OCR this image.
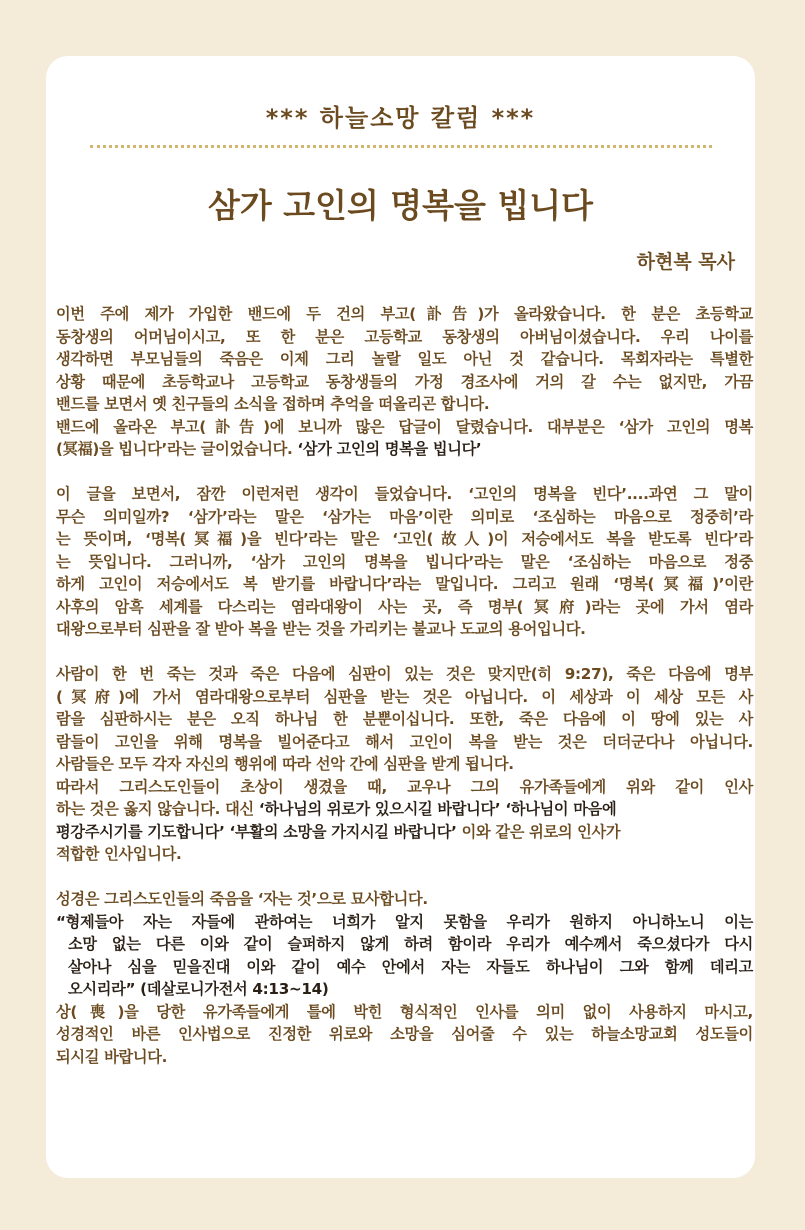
*** 하늘소망 칼럼 ***
삼가 고인의 명복을 빕니다
하현복 목사
이번 주에 제가 가입한 밴드에 두 건의 부고(訃告)가 올라왔습니다. 한 분은 초등학교
동창생의 어머님이시고, 또 한 분은 고등학교 동창생의 아버님이셨습니다. 우리 나이를
생각하면 부모님들의 죽음은 이제 그리 놀랄 일도 아닌 것 같습니다. 목회자라는 특별한
상황 때문에 초등학교나 고등학교 동창생들의 가정 경조사에 거의 갈 수는 없지만, 가끔
밴드를 보면서 옛 친구들의 소식을 접하며 추억을 떠올리곤 합니다.
밴드에 올라온 부고(訃告)에 보니까 많은 답글이 달렸습니다. 대부분은 ‘삼가 고인의 명복
(冥福)을 빕니다’라는 글이었습니다. ‘삼가 고인의 명복을 빕니다’
이 글을 보면서, 잠깐 이런저런 생각이 들었습니다. ‘고인의 명복을 빈다’....과연 그 말이
무슨 의미일까? ‘삼가’라는 말은 ‘삼가는 마음’이란 의미로 ‘조심하는 마음으로 정중히’라
는 뜻이며, ‘명복(冥福)을 빈다’라는 말은 ‘고인(故人)이 저승에서도 복을 받도록 빈다’라
는 뜻입니다. 그러니까, ‘삼가 고인의 명복을 빕니다’라는 말은 ‘조심하는 마음으로 정중
하게 고인이 저승에서도 복 받기를 바랍니다’라는 말입니다. 그리고 원래 ‘명복(冥福)’이란
사후의 암흑 세계를 다스리는 염라대왕이 사는 곳, 즉 명부(冥府)라는 곳에 가서 염라
대왕으로부터 심판을 잘 받아 복을 받는 것을 가리키는 불교나 도교의 용어입니다.
사람이 한 번 죽는 것과 죽은 다음에 심판이 있는 것은 맞지만(히 9:27), 죽은 다음에 명부
(冥府)에 가서 염라대왕으로부터 심판을 받는 것은 아닙니다. 이 세상과 이 세상 모든 사
람을 심판하시는 분은 오직 하나님 한 분뿐이십니다. 또한, 죽은 다음에 이 땅에 있는 사
람들이 고인을 위해 명복을 빌어준다고 해서 고인이 복을 받는 것은 더더군다나 아닙니다.
사람들은 모두 각자 자신의 행위에 따라 선악 간에 심판을 받게 됩니다.
따라서 그리스도인들이 초상이 생겼을 때, 교우나 그의 유가족들에게 위와 같이 인사
하는 것은 옳지 않습니다. 대신 ‘하나님의 위로가 있으시길 바랍니다’ ‘하나님이 마음에
평강주시기를 기도합니다’ ‘부활의 소망을 가지시길 바랍니다’ 이와 같은 위로의 인사가
적합한 인사입니다.
성경은 그리스도인들의 죽음을 ‘자는 것’으로 묘사합니다.
“형제들아 자는 자들에 관하여는 너희가 알지 못함을 우리가 원하지 아니하노니 이는
소망 없는 다른 이와 같이 슬퍼하지 않게 하려 함이라 우리가 예수께서 죽으셨다가 다시
살아나 심을 믿을진대 이와 같이 예수 안에서 자는 자들도 하나님이 그와 함께 데리고
오시리라” (데살로니가전서 4:13~14)
상(喪)을 당한 유가족들에게 틀에 박힌 형식적인 인사를 의미 없이 사용하지 마시고,
성경적인 바른 인사법으로 진정한 위로와 소망을 심어줄 수 있는 하늘소망교회 성도들이
되시길 바랍니다.
